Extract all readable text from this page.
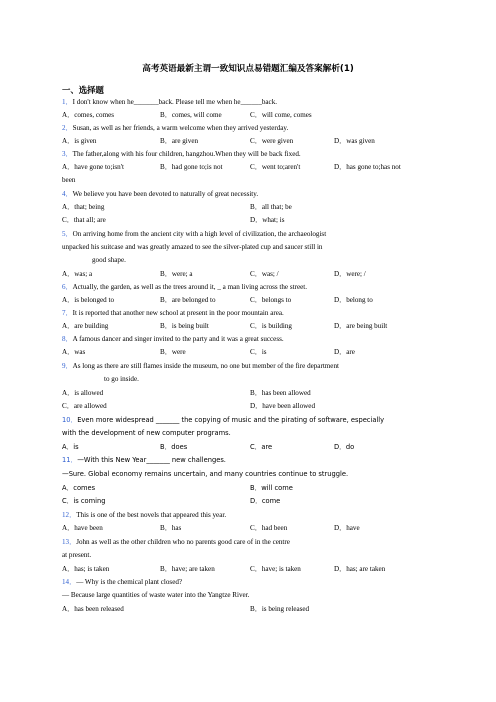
高考英语最新主谓一致知识点易错题汇编及答案解析(1)
一、选择题
1．I don't know when he_______back. Please tell me when he______back.
A．comes, comes	B．comes, will come	C．will come, comes
2．Susan, as well as her friends, a warm welcome when they arrived yesterday.
A．is given	B．are given	C．were given	D．was given
3．The father,along with his four children, hangzhou.When they will be back fixed.
A．have gone to;isn't	B．had gone to;is not	C．went to;aren't	D．has gone to;has not
been
4．We believe you have been devoted to naturally of great necessity.
A．that; being	B．all that; be
C．that all; are	D．what; is
5．On arriving home from the ancient city with a high level of civilization, the archaeologist
unpacked his suitcase and was greatly amazed to see the silver-plated cup and saucer still in
good shape.
A．was; a	B．were; a	C．was; /	D．were; /
6．Actually, the garden, as well as the trees around it, _ a man living across the street.
A．is belonged to	B．are belonged to	C．belongs to	D．belong to
7．It is reported that another new school at present in the poor mountain area.
A．are building	B．is being built	C．is building	D．are being built
8．A famous dancer and singer invited to the party and it was a great success.
A．was	B．were	C．is	D．are
9．As long as there are still flames inside the museum, no one but member of the fire department
to go inside.
A．is allowed	B．has been allowed
C．are allowed	D．have been allowed
10．Even more widespread _______ the copying of music and the pirating of software, especially
with the development of new computer programs.
A．is	B．does	C．are	D．do
11．—With this New Year_______ new challenges.
—Sure. Global economy remains uncertain, and many countries continue to struggle.
A．comes	B．will come
C．is coming	D．come
12．This is one of the best novels that appeared this year.
A．have been	B．has	C．had been	D．have
13．John as well as the other children who no parents good care of in the centre
at present.
A．has; is taken	B．have; are taken	C．have; is taken	D．has; are taken
14．— Why is the chemical plant closed?
— Because large quantities of waste water into the Yangtze River.
A．has been released	B．is being released
